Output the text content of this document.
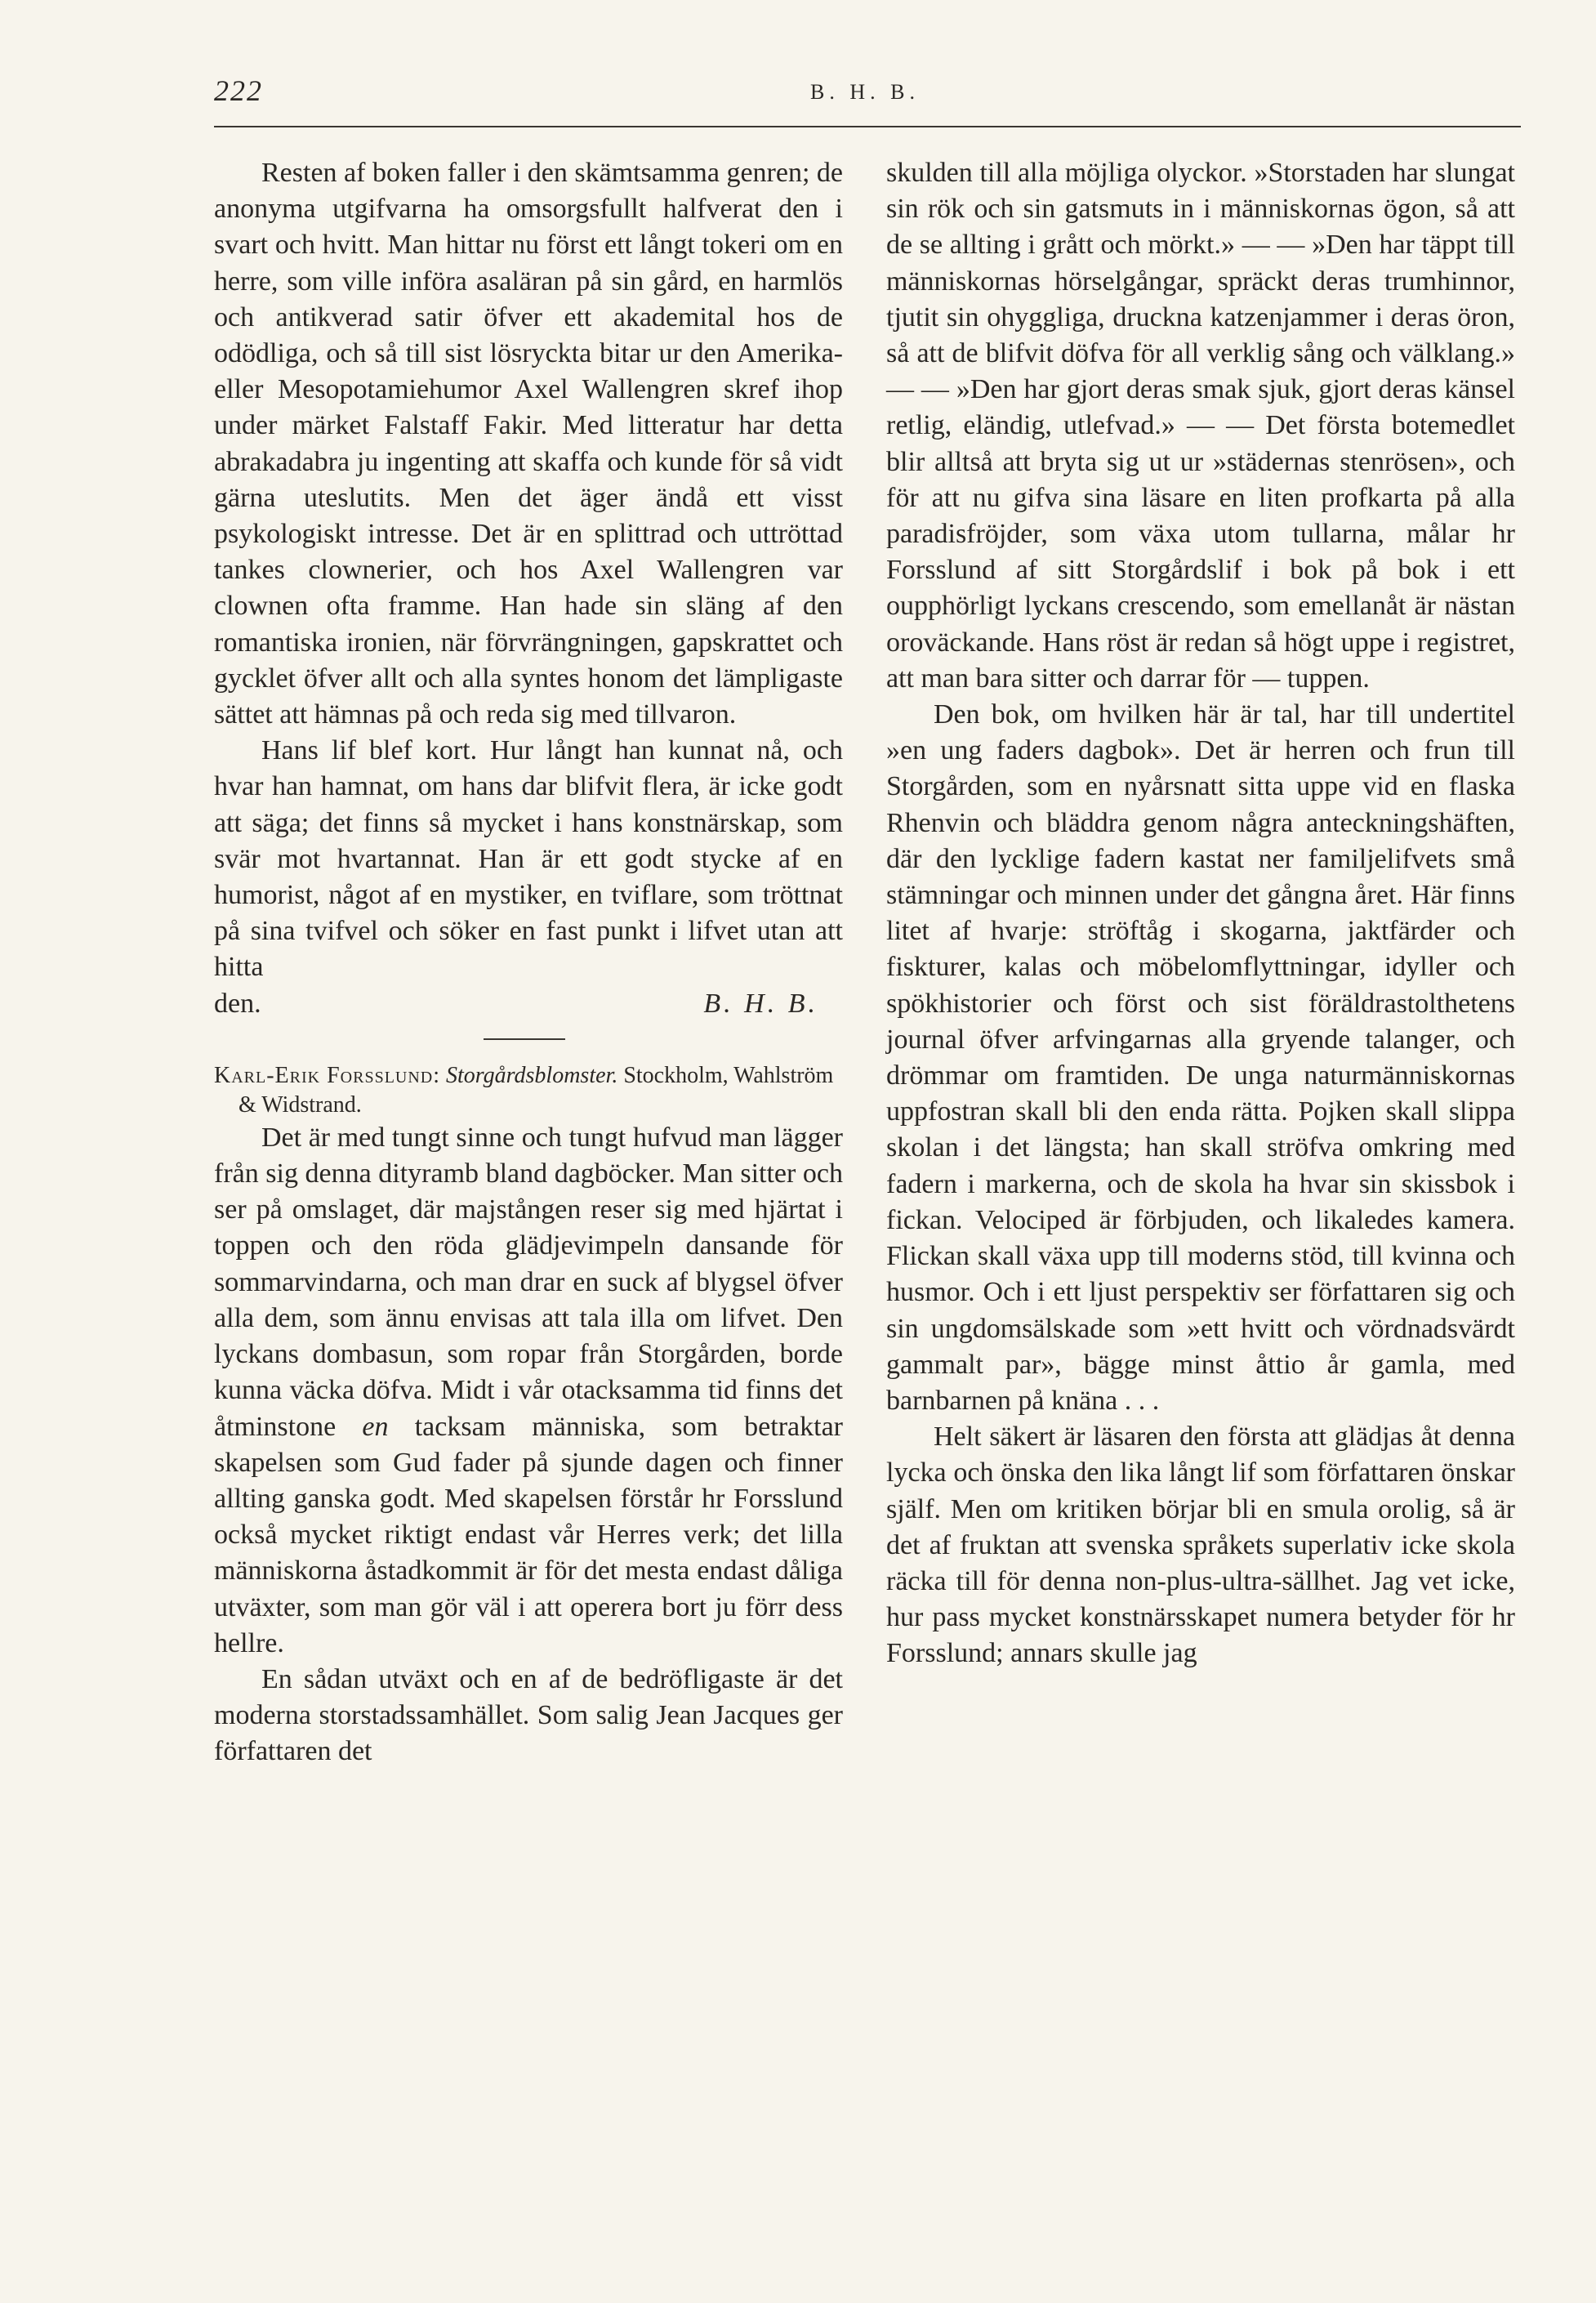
222	B. H. B.

Resten af boken faller i den skämtsamma genren; de anonyma utgifvarna ha omsorgsfullt halfverat den i svart och hvitt. Man hittar nu först ett långt tokeri om en herre, som ville införa asaläran på sin gård, en harmlös och antikverad satir öfver ett akademital hos de odödliga, och så till sist lösryckta bitar ur den Amerika- eller Mesopotamiehumor Axel Wallengren skref ihop under märket Falstaff Fakir. Med litteratur har detta abrakadabra ju ingenting att skaffa och kunde för så vidt gärna uteslutits. Men det äger ändå ett visst psykologiskt intresse. Det är en splittrad och uttröttad tankes clownerier, och hos Axel Wallengren var clownen ofta framme. Han hade sin släng af den romantiska ironien, när förvrängningen, gapskrattet och gycklet öfver allt och alla syntes honom det lämpligaste sättet att hämnas på och reda sig med tillvaron.

Hans lif blef kort. Hur långt han kunnat nå, och hvar han hamnat, om hans dar blifvit flera, är icke godt att säga; det finns så mycket i hans konstnärskap, som svär mot hvartannat. Han är ett godt stycke af en humorist, något af en mystiker, en tviflare, som tröttnat på sina tvifvel och söker en fast punkt i lifvet utan att hitta

den.	B. H. B.

Karl-Erik Forsslund: Storgårdsblomster. Stockholm, Wahlström & Widstrand.

Det är med tungt sinne och tungt hufvud man lägger från sig denna dityramb bland dagböcker. Man sitter och ser på omslaget, där majstången reser sig med hjärtat i toppen och den röda glädjevimpeln dansande för sommarvindarna, och man drar en suck af blygsel öfver alla dem, som ännu envisas att tala illa om lifvet. Den lyckans dombasun, som ropar från Storgården, borde kunna väcka döfva. Midt i vår otacksamma tid finns det åtminstone en tacksam människa, som betraktar skapelsen som Gud fader på sjunde dagen och finner allting ganska godt. Med skapelsen förstår hr Forsslund också mycket riktigt endast vår Herres verk; det lilla människorna åstadkommit är för det mesta endast dåliga utväxter, som man gör väl i att operera bort ju förr dess hellre.

En sådan utväxt och en af de bedröfligaste är det moderna storstadssamhället. Som salig Jean Jacques ger författaren det

skulden till alla möjliga olyckor. »Storstaden har slungat sin rök och sin gatsmuts in i människornas ögon, så att de se allting i grått och mörkt.» — — »Den har täppt till människornas hörselgångar, spräckt deras trumhinnor, tjutit sin ohyggliga, druckna katzenjammer i deras öron, så att de blifvit döfva för all verklig sång och välklang.» — — »Den har gjort deras smak sjuk, gjort deras känsel retlig, eländig, utlefvad.» — — Det första botemedlet blir alltså att bryta sig ut ur »städernas stenrösen», och för att nu gifva sina läsare en liten profkarta på alla paradisfröjder, som växa utom tullarna, målar hr Forsslund af sitt Storgårdslif i bok på bok i ett oupphörligt lyckans crescendo, som emellanåt är nästan oroväckande. Hans röst är redan så högt uppe i registret, att man bara sitter och darrar för — tuppen.

Den bok, om hvilken här är tal, har till undertitel »en ung faders dagbok». Det är herren och frun till Storgården, som en nyårsnatt sitta uppe vid en flaska Rhenvin och bläddra genom några anteckningshäften, där den lycklige fadern kastat ner familjelifvets små stämningar och minnen under det gångna året. Här finns litet af hvarje: ströftåg i skogarna, jaktfärder och fiskturer, kalas och möbelomflyttningar, idyller och spökhistorier och först och sist föräldrastolthetens journal öfver arfvingarnas alla gryende talanger, och drömmar om framtiden. De unga naturmänniskornas uppfostran skall bli den enda rätta. Pojken skall slippa skolan i det längsta; han skall ströfva omkring med fadern i markerna, och de skola ha hvar sin skissbok i fickan. Velociped är förbjuden, och likaledes kamera. Flickan skall växa upp till moderns stöd, till kvinna och husmor. Och i ett ljust perspektiv ser författaren sig och sin ungdomsälskade som »ett hvitt och vördnadsvärdt gammalt par», bägge minst åttio år gamla, med barnbarnen på knäna . . .

Helt säkert är läsaren den första att glädjas åt denna lycka och önska den lika långt lif som författaren önskar själf. Men om kritiken börjar bli en smula orolig, så är det af fruktan att svenska språkets superlativ icke skola räcka till för denna non-plus-ultra-sällhet. Jag vet icke, hur pass mycket konstnärsskapet numera betyder för hr Forsslund; annars skulle jag
